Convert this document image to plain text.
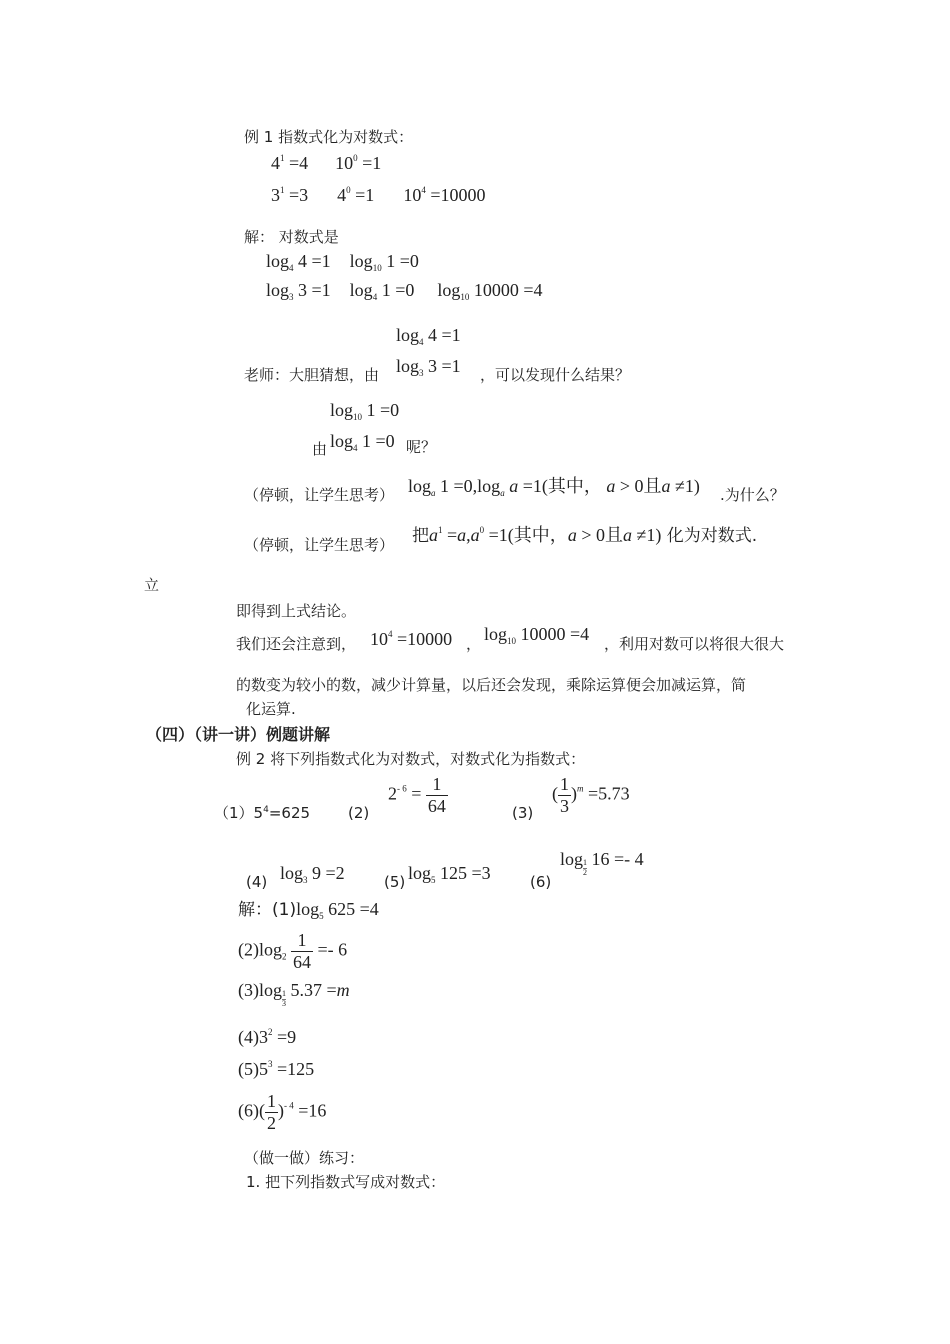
例 1 指数式化为对数式：
$4^1 =4$ $10^0 =1$
$3^1 =3$ $4^0 =1$ $10^4 =10000$
解： 对数式是
$\log_4 4 =1$ $\log_{10} 1 =0$
$\log_3 3 =1$ $\log_4 1 =0$ $\log_{10} 10000 =4$
$\log_4 4 =1$
老师：大胆猜想，由 $\log_3 3 =1$ ，可以发现什么结果？
$\log_{10} 1 =0$
由 $\log_4 1 =0$ 呢？
（停顿，让学生思考） $\log_a 1 =0,\log_a$ a =1(其中， a > 0且a ≠1) .为什么？
（停顿，让学生思考） 把$a^1 =a,a^0 =1$(其中，a > 0且a ≠1) 化为对数式.
立
即得到上式结论。
我们还会注意到， $10^4 =10000$ ， $\log_{10} 10000 =4$ ，利用对数可以将很大很大
的数变为较小的数，减少计算量，以后还会发现，乘除运算便会加减运算，简
化运算.
（四）（讲一讲）例题讲解
例 2 将下列指数式化为对数式，对数式化为指数式：
$(1)5^4=625$	(2)
$2^{- 6} = \frac{1}{64}$	(3)
( $\frac{1}{3} )^m =5.73$
(4) $\log_3 9 =2$	(5) $\log_5 125 =3$	(6)
$\log \frac{1}{2} 16 =- 4$
解：$(1)\log_5$ 625 =4
$(2)\log_2 \frac{1}{64} =- 6$
$(3)\log \frac{1}{3} 5.37 =m$
$(4)3^2 =9$
$(5)5^3 =125$
$(6)( \frac{1}{2} )^{- 4} =16$
（做一做）练习：
1. 把下列指数式写成对数式：
